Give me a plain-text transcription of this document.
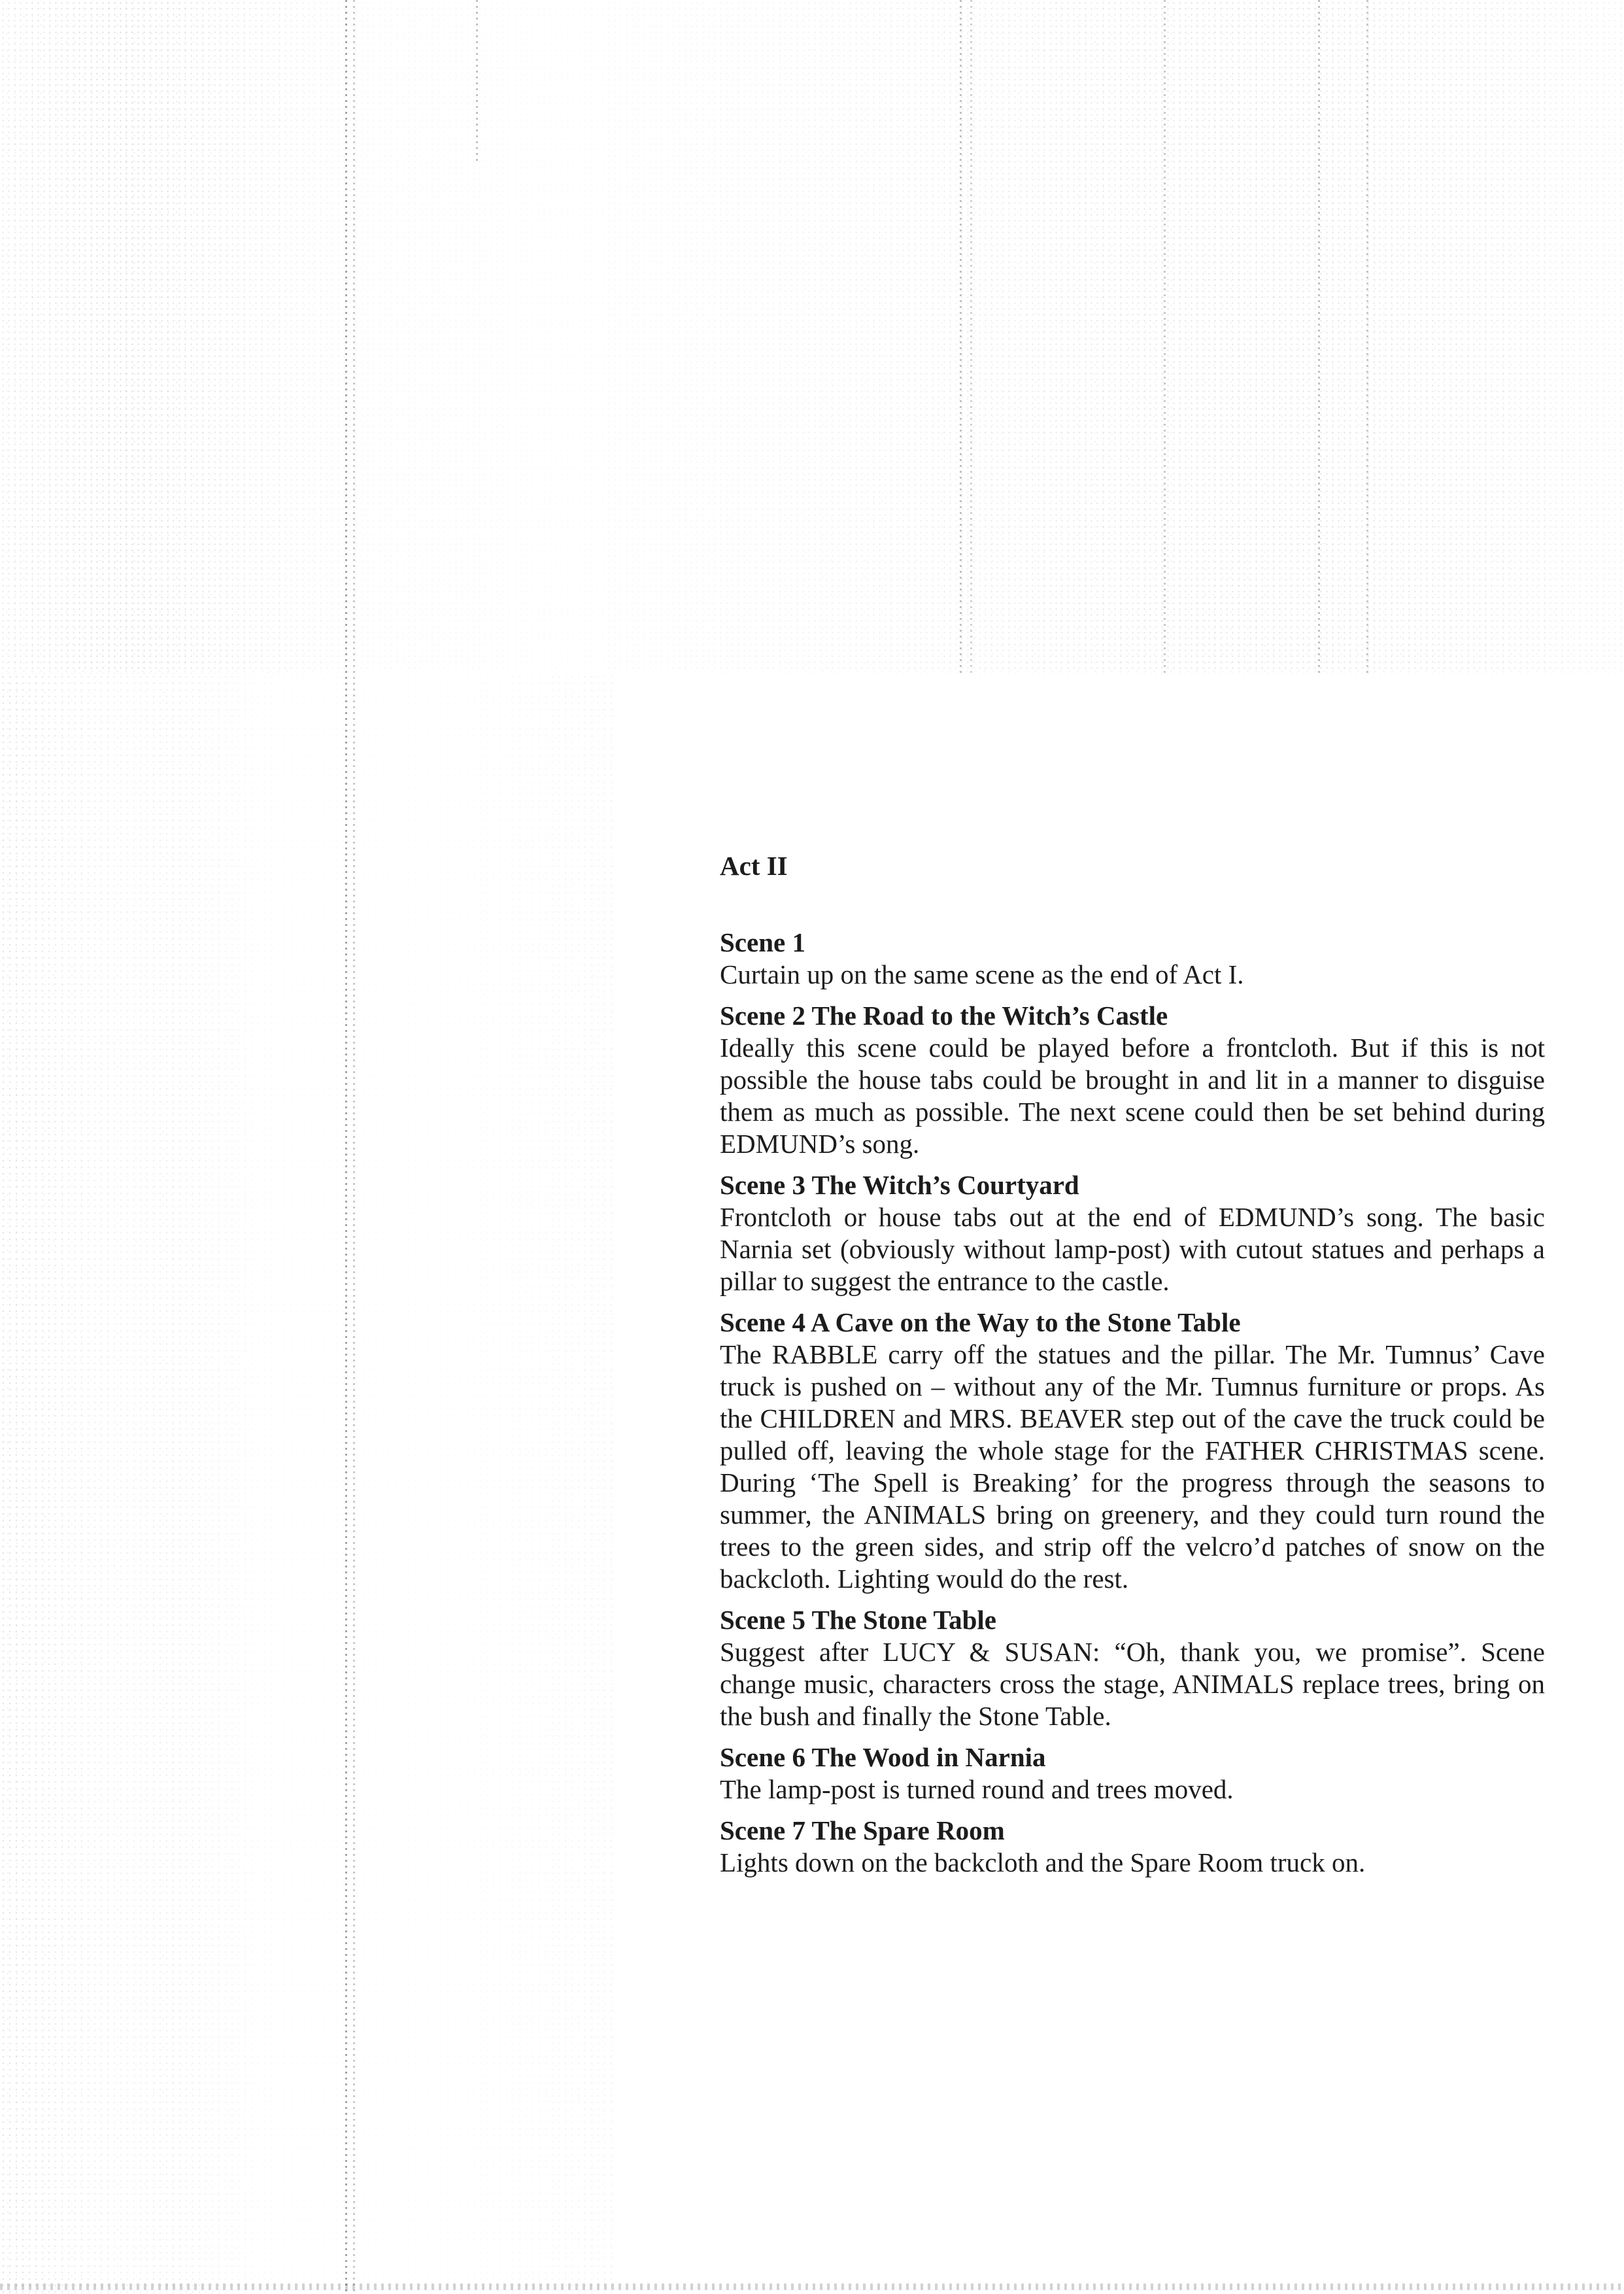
Act II
Scene 1
Curtain up on the same scene as the end of Act I.
Scene 2 The Road to the Witch’s Castle
Ideally this scene could be played before a frontcloth. But if this is not possible the house tabs could be brought in and lit in a manner to disguise them as much as possible. The next scene could then be set behind during EDMUND’s song.
Scene 3 The Witch’s Courtyard
Frontcloth or house tabs out at the end of EDMUND’s song. The basic Narnia set (obviously without lamp-post) with cutout statues and perhaps a pillar to suggest the entrance to the castle.
Scene 4 A Cave on the Way to the Stone Table
The RABBLE carry off the statues and the pillar. The Mr. Tumnus’ Cave truck is pushed on – without any of the Mr. Tumnus furniture or props. As the CHILDREN and MRS. BEAVER step out of the cave the truck could be pulled off, leaving the whole stage for the FATHER CHRISTMAS scene. During ‘The Spell is Breaking’ for the progress through the seasons to summer, the ANIMALS bring on greenery, and they could turn round the trees to the green sides, and strip off the velcro’d patches of snow on the backcloth. Lighting would do the rest.
Scene 5 The Stone Table
Suggest after LUCY & SUSAN: “Oh, thank you, we promise”. Scene change music, characters cross the stage, ANIMALS replace trees, bring on the bush and finally the Stone Table.
Scene 6 The Wood in Narnia
The lamp-post is turned round and trees moved.
Scene 7 The Spare Room
Lights down on the backcloth and the Spare Room truck on.
